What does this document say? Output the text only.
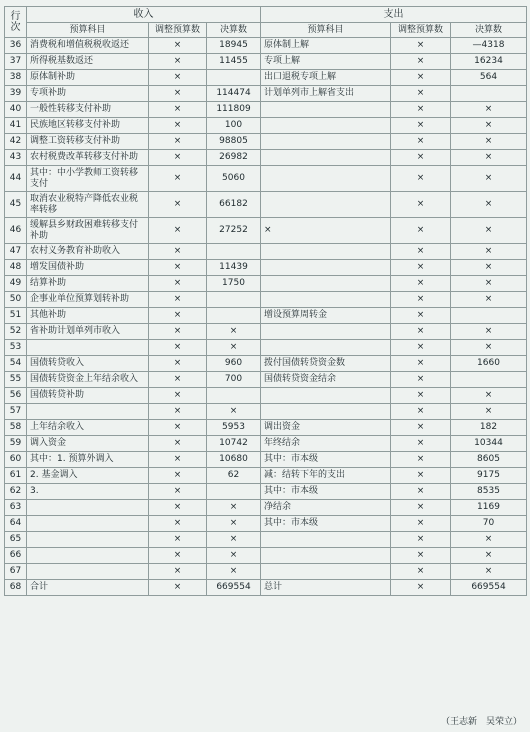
行次	收入			支出		
	预算科目	调整预算数	决算数	预算科目	调整预算数	决算数
36	消费税和增值税税收返还	×	18945	原体制上解	×	—4318
37	所得税基数返还	×	11455	专项上解	×	16234
38	原体制补助	×		出口退税专项上解	×	564
39	专项补助	×	114474	计划单列市上解省支出	×	
40	一般性转移支付补助	×	111809		×	×
41	民族地区转移支付补助	×	100		×	×
42	调整工资转移支付补助	×	98805		×	×
43	农村税费改革转移支付补助	×	26982		×	×
44	其中：中小学教师工资转移支付	×	5060		×	×
45	取消农业税特产降低农业税率转移	×	66182		×	×
46	缓解县乡财政困难转移支付补助	×	27252	×	×	×
47	农村义务教育补助收入	×			×	×
48	增发国债补助	×	11439		×	×
49	结算补助	×	1750		×	×
50	企事业单位预算划转补助	×			×	×
51	其他补助	×		增设预算周转金	×	
52	省补助计划单列市收入	×	×		×	×
53		×	×		×	×
54	国债转贷收入	×	960	拨付国债转贷资金数	×	1660
55	国债转贷资金上年结余收入	×	700	国债转贷资金结余	×	
56	国债转贷补助	×			×	×
57		×	×		×	×
58	上年结余收入	×	5953	调出资金	×	182
59	调入资金	×	10742	年终结余	×	10344
60	其中：1. 预算外调入	×	10680	其中：市本级	×	8605
61	2. 基金调入	×	62	减：结转下年的支出	×	9175
62	3.	×		其中：市本级	×	8535
63		×	×	净结余	×	1169
64		×	×	其中：市本级	×	70
65		×	×		×	×
66		×	×		×	×
67		×	×		×	×
68	合计	×	669554	总计	×	669554
（王志新　吴荣立）
